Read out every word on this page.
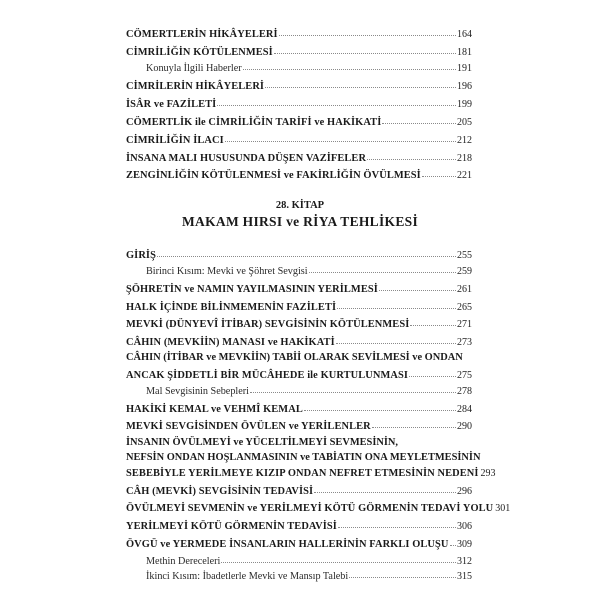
CÖMERTLERİN HİKÂYELERİ	164
CİMRİLİĞİN KÖTÜLENMESİ	181
Konuyla İlgili Haberler	191
CİMRİLERİN HİKÂYELERİ	196
İSÂR ve FAZİLETİ	199
CÖMERTLİK ile CİMRİLİĞİN TARİFİ ve HAKİKATİ	205
CİMRİLİĞİN İLACI	212
İNSANA MALI HUSUSUNDA DÜŞEN VAZİFELER	218
ZENGİNLİĞİN KÖTÜLENMESİ ve FAKİRLİĞİN ÖVÜLMESİ	221
28. KİTAP
MAKAM HIRSI ve RİYA TEHLİKESİ
GİRİŞ	255
Birinci Kısım: Mevki ve Şöhret Sevgisi	259
ŞÖHRETİN ve NAMIN YAYILMASININ YERİLMESİ	261
HALK İÇİNDE BİLİNMEMENİN FAZİLETİ	265
MEVKİ (DÜNYEVÎ İTİBAR) SEVGİSİNİN KÖTÜLENMESİ	271
CÂHIN (MEVKİİN) MANASI ve HAKİKATİ	273
CÂHIN (İTİBAR ve MEVKİİN) TABİİ OLARAK SEVİLMESİ ve ONDAN
ANCAK ŞİDDETLİ BİR MÜCÂHEDE ile KURTULUNMASI	275
Mal Sevgisinin Sebepleri	278
HAKİKİ KEMAL ve VEHMÎ KEMAL	284
MEVKİ SEVGİSİNDEN ÖVÜLEN ve YERİLENLER	290
İNSANIN ÖVÜLMEYİ ve YÜCELTİLMEYİ SEVMESİNİN,
NEFSİN ONDAN HOŞLANMASININ ve TABİATIN ONA MEYLETMESİNİN
SEBEBİYLE YERİLMEYE KIZIP ONDAN NEFRET ETMESİNİN NEDENİ 293
CÂH (MEVKİ) SEVGİSİNİN TEDAVİSİ	296
ÖVÜLMEYİ SEVMENİN ve YERİLMEYİ KÖTÜ GÖRMENİN TEDAVİ YOLU 301
YERİLMEYİ KÖTÜ GÖRMENİN TEDAVİSİ	306
ÖVGÜ ve YERMEDE İNSANLARIN HALLERİNİN FARKLI OLUŞU 309
Methin Dereceleri	312
İkinci Kısım: İbadetlerle Mevki ve Mansıp Talebi	315
